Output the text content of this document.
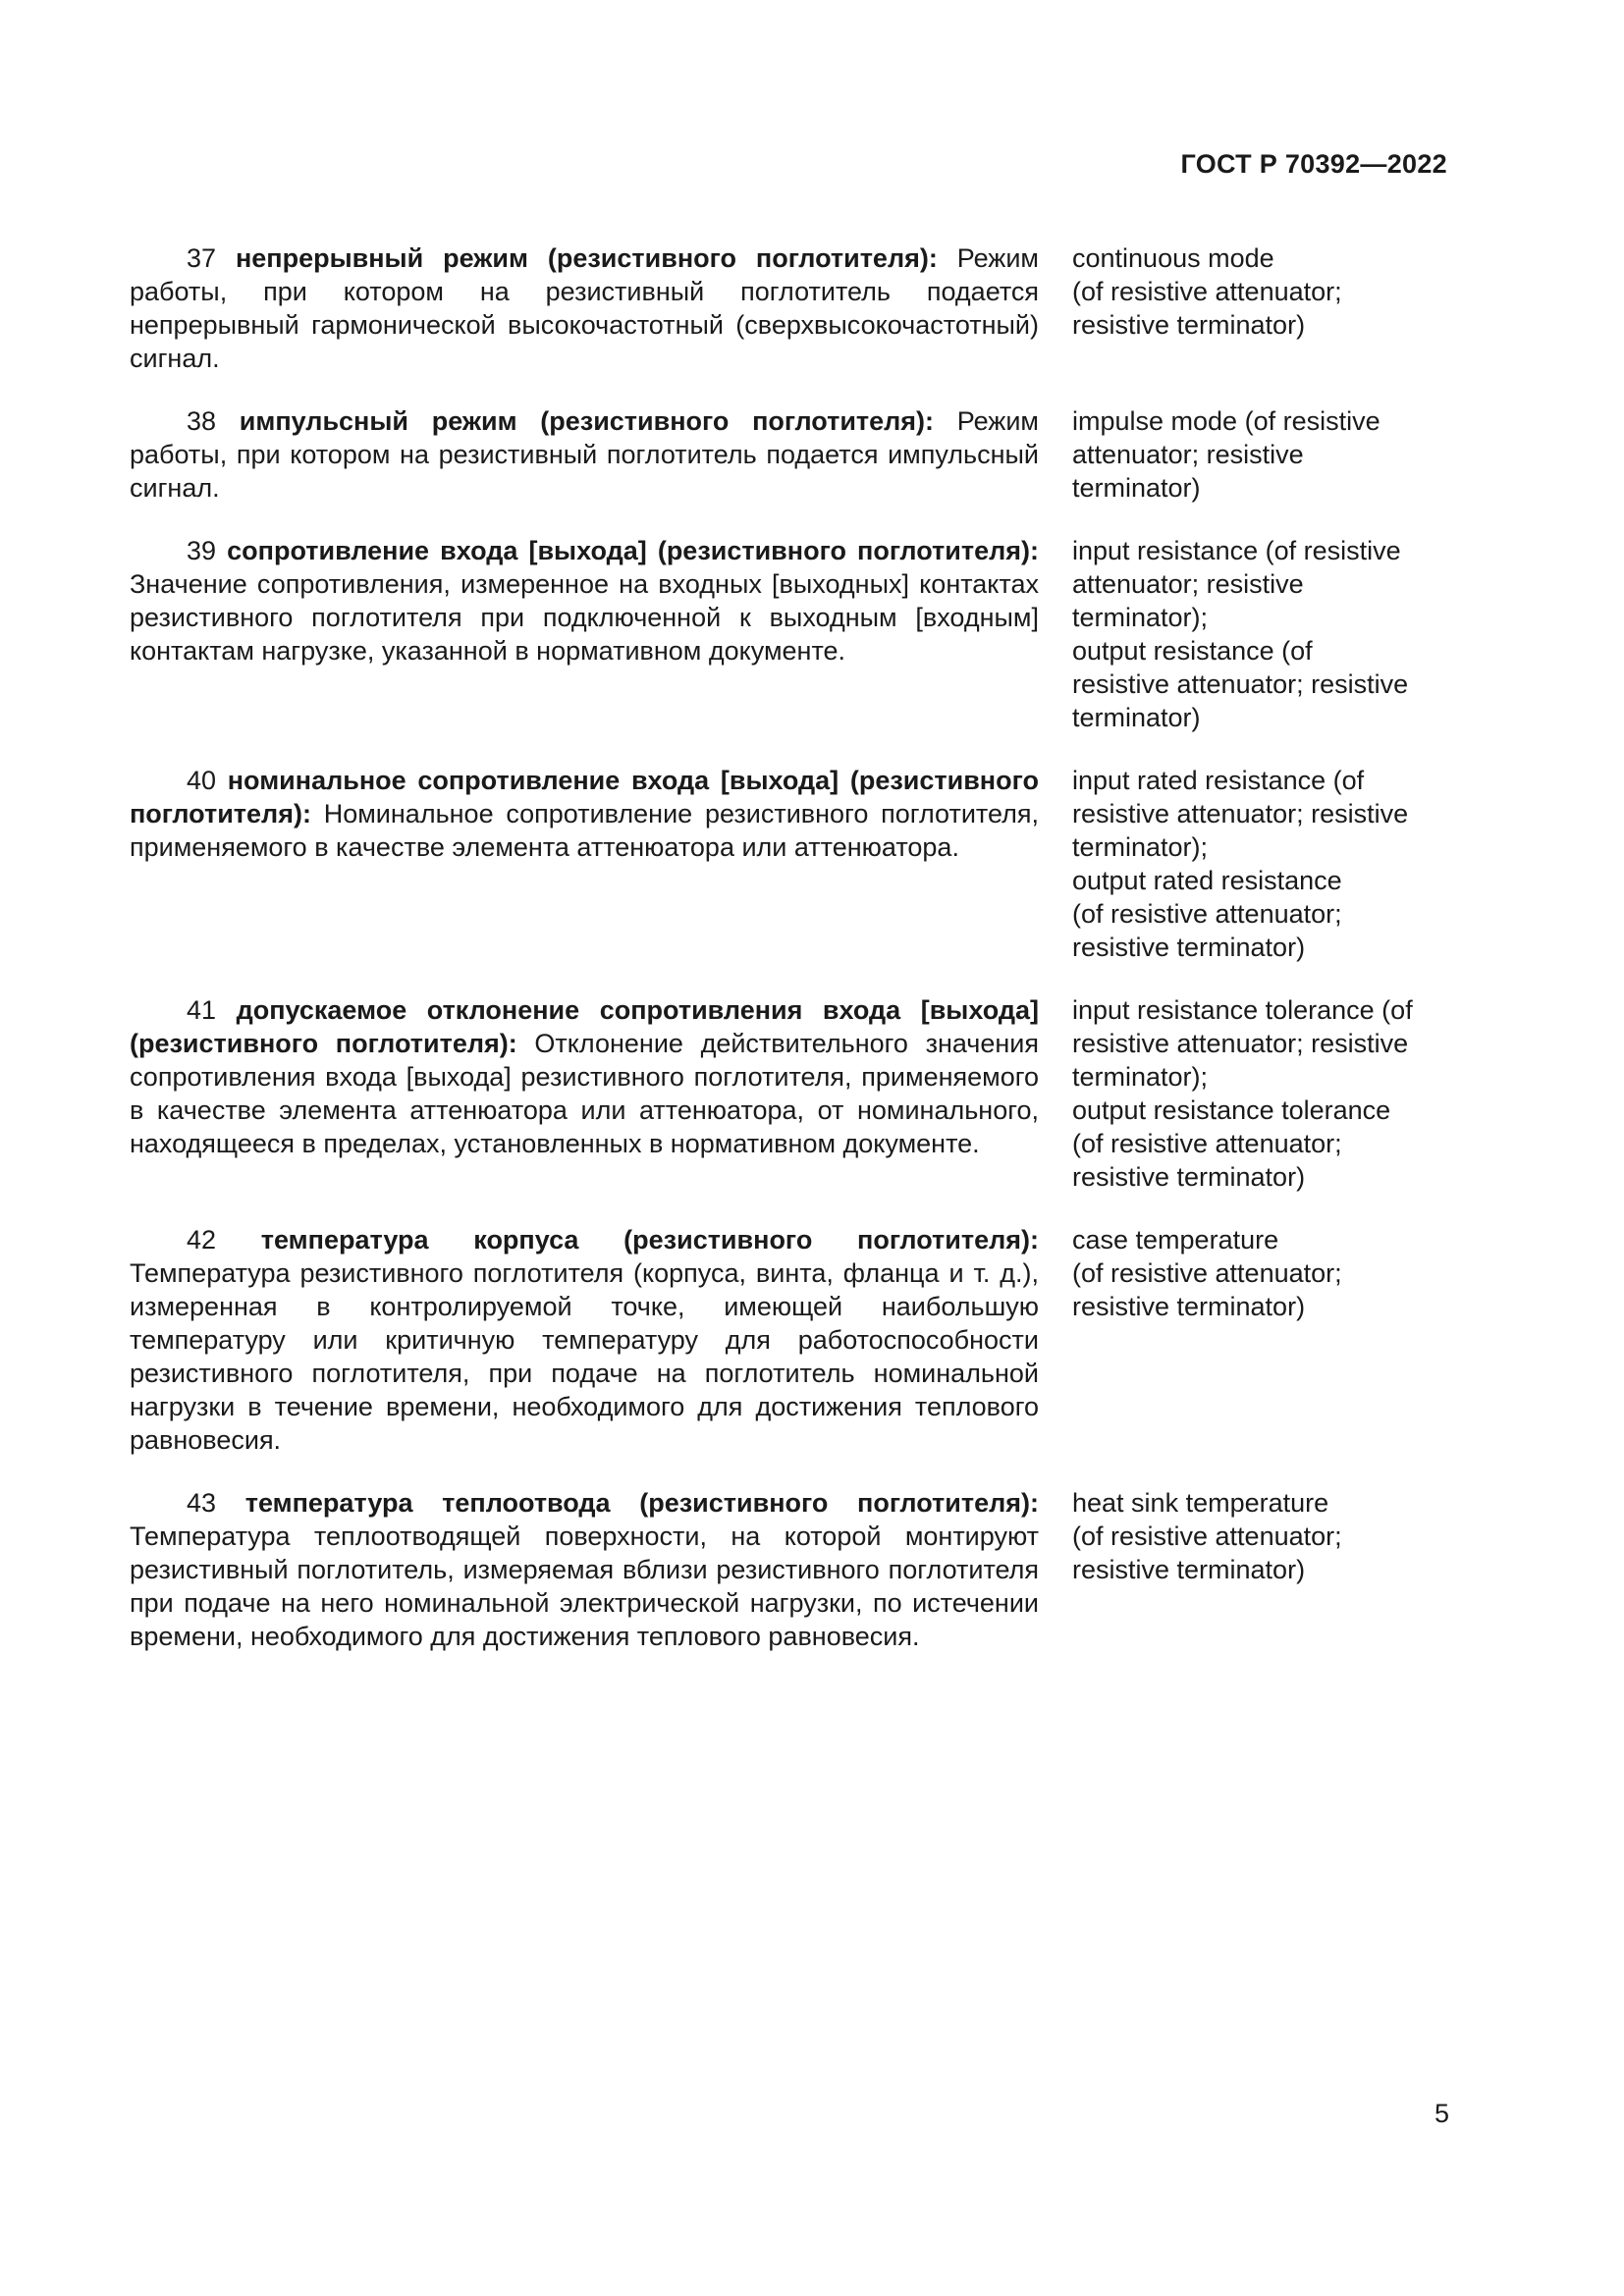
ГОСТ Р 70392—2022
37 непрерывный режим (резистивного поглотителя): Режим работы, при котором на резистивный поглотитель подается непрерывный гармонической высокочастотный (сверхвысокочастотный) сигнал.
continuous mode
(of resistive attenuator;
resistive terminator)
38 импульсный режим (резистивного поглотителя): Режим работы, при котором на резистивный поглотитель подается импульсный сигнал.
impulse mode (of resistive
attenuator; resistive
terminator)
39 сопротивление входа [выхода] (резистивного поглотителя): Значение сопротивления, измеренное на входных [выходных] контактах резистивного поглотителя при подключенной к выходным [входным] контактам нагрузке, указанной в нормативном документе.
input resistance (of resistive
attenuator; resistive
terminator);
output resistance (of
resistive attenuator; resistive
terminator)
40 номинальное сопротивление входа [выхода] (резистивного поглотителя): Номинальное сопротивление резистивного поглотителя, применяемого в качестве элемента аттенюатора или аттенюатора.
input rated resistance (of
resistive attenuator; resistive
terminator);
output rated resistance
(of resistive attenuator;
resistive terminator)
41 допускаемое отклонение сопротивления входа [выхода] (резистивного поглотителя): Отклонение действительного значения сопротивления входа [выхода] резистивного поглотителя, применяемого в качестве элемента аттенюатора или аттенюатора, от номинального, находящееся в пределах, установленных в нормативном документе.
input resistance tolerance (of
resistive attenuator; resistive
terminator);
output resistance tolerance
(of resistive attenuator;
resistive terminator)
42 температура корпуса (резистивного поглотителя): Температура резистивного поглотителя (корпуса, винта, фланца и т. д.), измеренная в контролируемой точке, имеющей наибольшую температуру или критичную температуру для работоспособности резистивного поглотителя, при подаче на поглотитель номинальной нагрузки в течение времени, необходимого для достижения теплового равновесия.
case temperature
(of resistive attenuator;
resistive terminator)
43 температура теплоотвода (резистивного поглотителя): Температура теплоотводящей поверхности, на которой монтируют резистивный поглотитель, измеряемая вблизи резистивного поглотителя при подаче на него номинальной электрической нагрузки, по истечении времени, необходимого для достижения теплового равновесия.
heat sink temperature
(of resistive attenuator;
resistive terminator)
5
